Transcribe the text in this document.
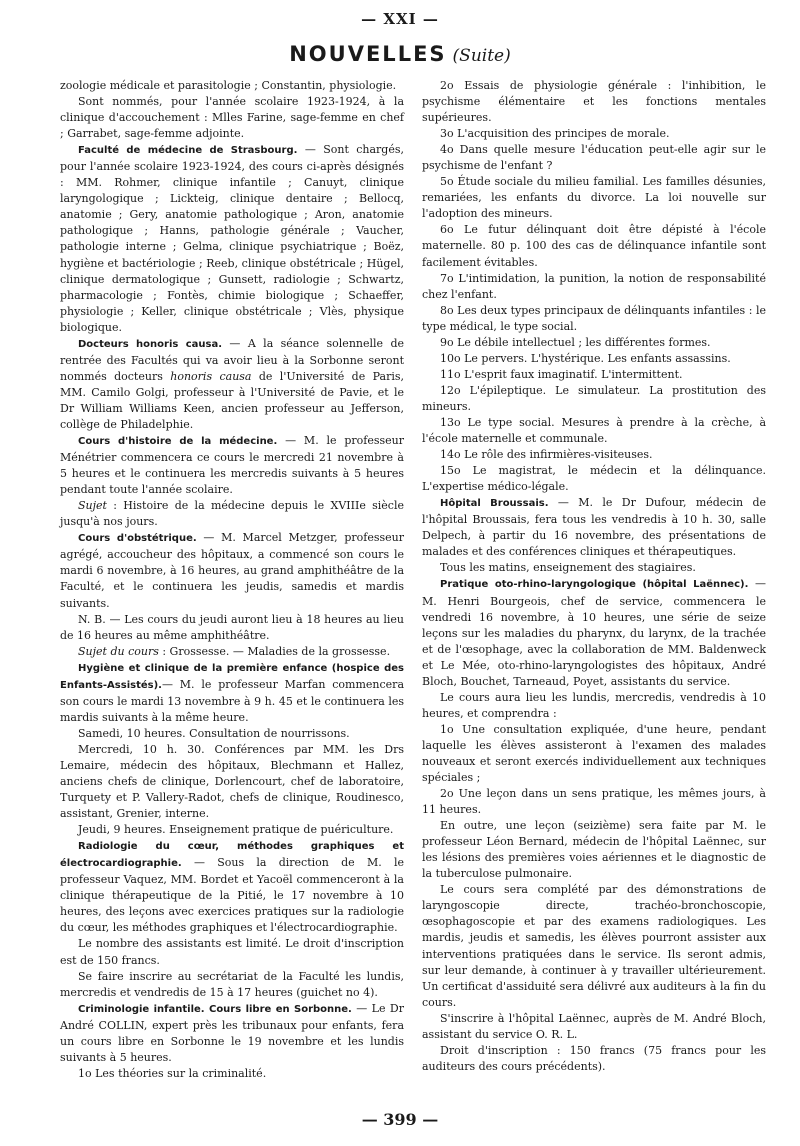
— XXI —
NOUVELLES (Suite)

zoologie médicale et parasitologie ; Constantin, physiologie.

Sont nommés, pour l'année scolaire 1923-1924, à la clinique d'accouchement : Mlles Farine, sage-femme en chef ; Garrabet, sage-femme adjointe.

Faculté de médecine de Strasbourg. — Sont chargés, pour l'année scolaire 1923-1924, des cours ci-après désignés : MM. Rohmer, clinique infantile ; Canuyt, clinique laryngologique ; Lickteig, clinique dentaire ; Bellocq, anatomie ; Gery, anatomie pathologique ; Aron, anatomie pathologique ; Hanns, pathologie générale ; Vaucher, pathologie interne ; Gelma, clinique psychiatrique ; Boëz, hygiène et bactériologie ; Reeb, clinique obstétricale ; Hügel, clinique dermatologique ; Gunsett, radiologie ; Schwartz, pharmacologie ; Fontès, chimie biologique ; Schaeffer, physiologie ; Keller, clinique obstétricale ; Vlès, physique biologique.

Docteurs honoris causa. — A la séance solennelle de rentrée des Facultés qui va avoir lieu à la Sorbonne seront nommés docteurs honoris causa de l'Université de Paris, MM. Camilo Golgi, professeur à l'Université de Pavie, et le Dr William Williams Keen, ancien professeur au Jefferson, collège de Philadelphie.

Cours d'histoire de la médecine. — M. le professeur Ménétrier commencera ce cours le mercredi 21 novembre à 5 heures et le continuera les mercredis suivants à 5 heures pendant toute l'année scolaire.

Sujet : Histoire de la médecine depuis le XVIIIe siècle jusqu'à nos jours.

Cours d'obstétrique. — M. Marcel Metzger, professeur agrégé, accoucheur des hôpitaux, a commencé son cours le mardi 6 novembre, à 16 heures, au grand amphithéâtre de la Faculté, et le continuera les jeudis, samedis et mardis suivants.

N. B. — Les cours du jeudi auront lieu à 18 heures au lieu de 16 heures au même amphithéâtre.

Sujet du cours : Grossesse. — Maladies de la grossesse.

Hygiène et clinique de la première enfance (hospice des Enfants-Assistés).— M. le professeur Marfan commencera son cours le mardi 13 novembre à 9 h. 45 et le continuera les mardis suivants à la même heure.

Samedi, 10 heures. Consultation de nourrissons.

Mercredi, 10 h. 30. Conférences par MM. les Drs Lemaire, médecin des hôpitaux, Blechmann et Hallez, anciens chefs de clinique, Dorlencourt, chef de laboratoire, Turquety et P. Vallery-Radot, chefs de clinique, Roudinesco, assistant, Grenier, interne.

Jeudi, 9 heures. Enseignement pratique de puériculture.

Radiologie du cœur, méthodes graphiques et électrocardiographie. — Sous la direction de M. le professeur Vaquez, MM. Bordet et Yacoël commenceront à la clinique thérapeutique de la Pitié, le 17 novembre à 10 heures, des leçons avec exercices pratiques sur la radiologie du cœur, les méthodes graphiques et l'électrocardiographie.

Le nombre des assistants est limité. Le droit d'inscription est de 150 francs.

Se faire inscrire au secrétariat de la Faculté les lundis, mercredis et vendredis de 15 à 17 heures (guichet no 4).

Criminologie infantile. Cours libre en Sorbonne. — Le Dr André COLLIN, expert près les tribunaux pour enfants, fera un cours libre en Sorbonne le 19 novembre et les lundis suivants à 5 heures.

1o Les théories sur la criminalité.

2o Essais de physiologie générale : l'inhibition, le psychisme élémentaire et les fonctions mentales supérieures.

3o L'acquisition des principes de morale.

4o Dans quelle mesure l'éducation peut-elle agir sur le psychisme de l'enfant ?

5o Étude sociale du milieu familial. Les familles désunies, remariées, les enfants du divorce. La loi nouvelle sur l'adoption des mineurs.

6o Le futur délinquant doit être dépisté à l'école maternelle. 80 p. 100 des cas de délinquance infantile sont facilement évitables.

7o L'intimidation, la punition, la notion de responsabilité chez l'enfant.

8o Les deux types principaux de délinquants infantiles : le type médical, le type social.

9o Le débile intellectuel ; les différentes formes.

10o Le pervers. L'hystérique. Les enfants assassins.

11o L'esprit faux imaginatif. L'intermittent.

12o L'épileptique. Le simulateur. La prostitution des mineurs.

13o Le type social. Mesures à prendre à la crèche, à l'école maternelle et communale.

14o Le rôle des infirmières-visiteuses.

15o Le magistrat, le médecin et la délinquance. L'expertise médico-légale.

Hôpital Broussais. — M. le Dr Dufour, médecin de l'hôpital Broussais, fera tous les vendredis à 10 h. 30, salle Delpech, à partir du 16 novembre, des présentations de malades et des conférences cliniques et thérapeutiques.

Tous les matins, enseignement des stagiaires.

Pratique oto-rhino-laryngologique (hôpital Laënnec). — M. Henri Bourgeois, chef de service, commencera le vendredi 16 novembre, à 10 heures, une série de seize leçons sur les maladies du pharynx, du larynx, de la trachée et de l'œsophage, avec la collaboration de MM. Baldenweck et Le Mée, oto-rhino-laryngologistes des hôpitaux, André Bloch, Bouchet, Tarneaud, Poyet, assistants du service.

Le cours aura lieu les lundis, mercredis, vendredis à 10 heures, et comprendra :

1o Une consultation expliquée, d'une heure, pendant laquelle les élèves assisteront à l'examen des malades nouveaux et seront exercés individuellement aux techniques spéciales ;

2o Une leçon dans un sens pratique, les mêmes jours, à 11 heures.

En outre, une leçon (seizième) sera faite par M. le professeur Léon Bernard, médecin de l'hôpital Laënnec, sur les lésions des premières voies aériennes et le diagnostic de la tuberculose pulmonaire.

Le cours sera complété par des démonstrations de laryngoscopie directe, trachéo-bronchoscopie, œsophagoscopie et par des examens radiologiques. Les mardis, jeudis et samedis, les élèves pourront assister aux interventions pratiquées dans le service. Ils seront admis, sur leur demande, à continuer à y travailler ultérieurement. Un certificat d'assiduité sera délivré aux auditeurs à la fin du cours.

S'inscrire à l'hôpital Laënnec, auprès de M. André Bloch, assistant du service O. R. L.

Droit d'inscription : 150 francs (75 francs pour les auditeurs des cours précédents).

— 399 —
